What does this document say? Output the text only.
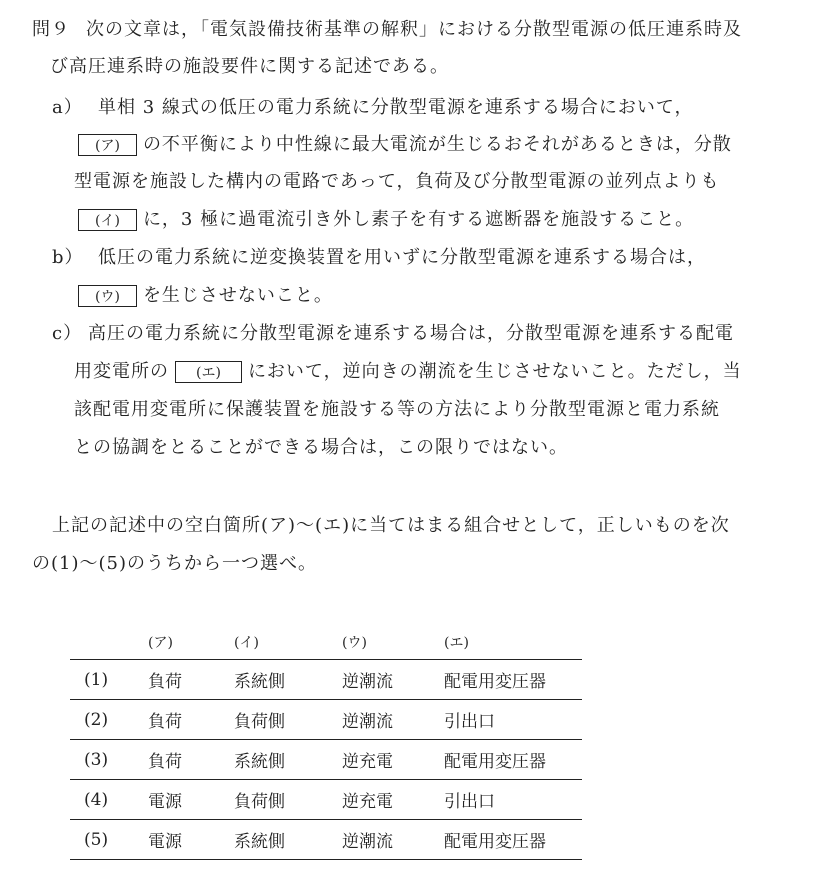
問９ 次の文章は，「電気設備技術基準の解釈」における分散型電源の低圧連系時及
び高圧連系時の施設要件に関する記述である。
a） 単相 3 線式の低圧の電力系統に分散型電源を連系する場合において，
(ア) の不平衡により中性線に最大電流が生じるおそれがあるときは，分散
型電源を施設した構内の電路であって，負荷及び分散型電源の並列点よりも
(イ) に，3 極に過電流引き外し素子を有する遮断器を施設すること。
b） 低圧の電力系統に逆変換装置を用いずに分散型電源を連系する場合は，
(ウ) を生じさせないこと。
c） 高圧の電力系統に分散型電源を連系する場合は，分散型電源を連系する配電
用変電所の (エ) において，逆向きの潮流を生じさせないこと。ただし，当
該配電用変電所に保護装置を施設する等の方法により分散型電源と電力系統
との協調をとることができる場合は，この限りではない。
上記の記述中の空白箇所(ア)～(エ)に当てはまる組合せとして，正しいものを次
の(1)～(5)のうちから一つ選べ。
	(ア)	(イ)	(ウ)	(エ)
(1)	負荷	系統側	逆潮流	配電用変圧器
(2)	負荷	負荷側	逆潮流	引出口
(3)	負荷	系統側	逆充電	配電用変圧器
(4)	電源	負荷側	逆充電	引出口
(5)	電源	系統側	逆潮流	配電用変圧器
